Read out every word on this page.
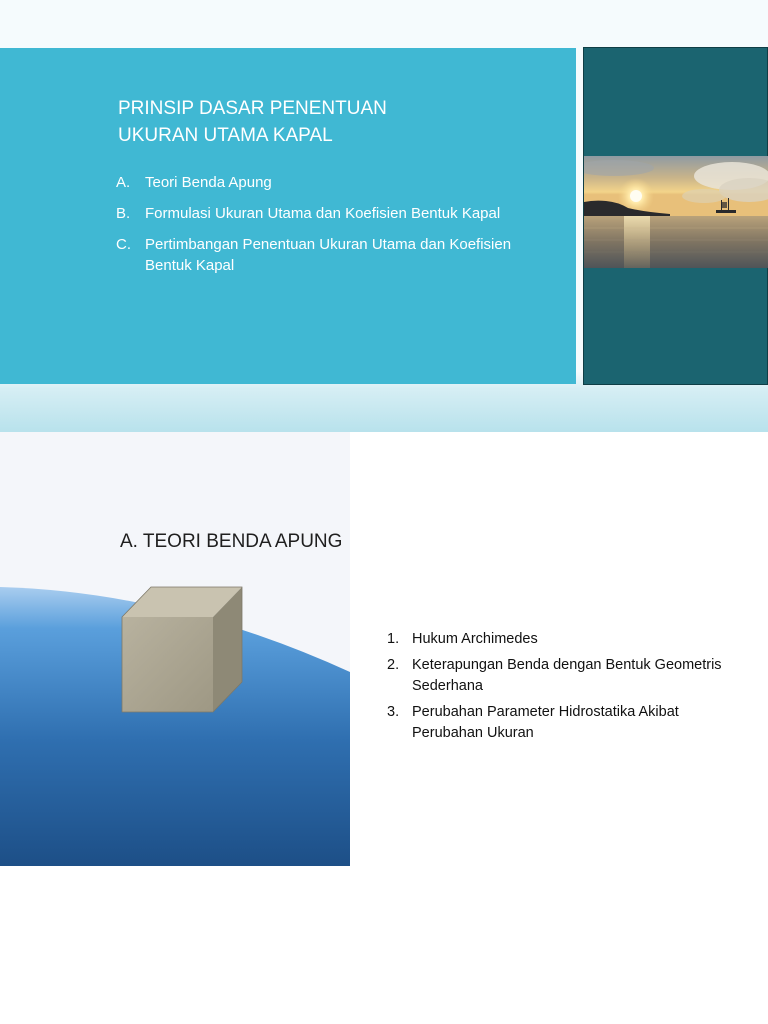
PRINSIP DASAR PENENTUAN
UKURAN UTAMA KAPAL
A. Teori Benda Apung
B. Formulasi Ukuran Utama dan Koefisien Bentuk Kapal
C. Pertimbangan Penentuan Ukuran Utama dan Koefisien Bentuk Kapal
A. TEORI BENDA APUNG
1. Hukum Archimedes
2. Keterapungan Benda dengan Bentuk Geometris Sederhana
3. Perubahan Parameter Hidrostatika Akibat Perubahan Ukuran
